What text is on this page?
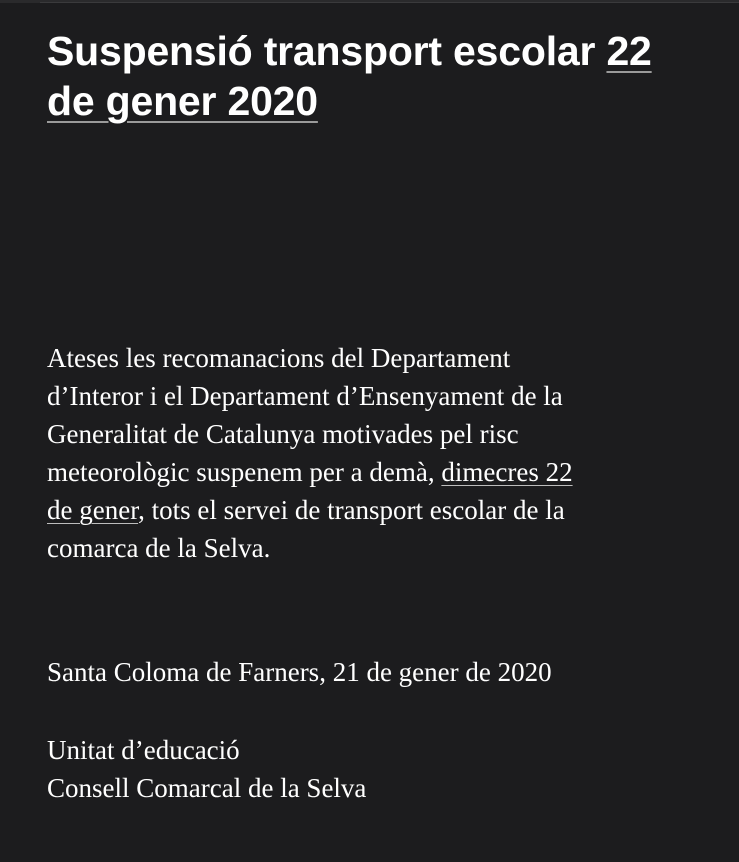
Suspensió transport escolar 22
de gener 2020
Ateses les recomanacions del Departament
d’Interor i el Departament d’Ensenyament de la
Generalitat de Catalunya motivades pel risc
meteorològic suspenem per a demà, dimecres 22
de gener, tots el servei de transport escolar de la
comarca de la Selva.

Santa Coloma de Farners, 21 de gener de 2020

Unitat d’educació
Consell Comarcal de la Selva
